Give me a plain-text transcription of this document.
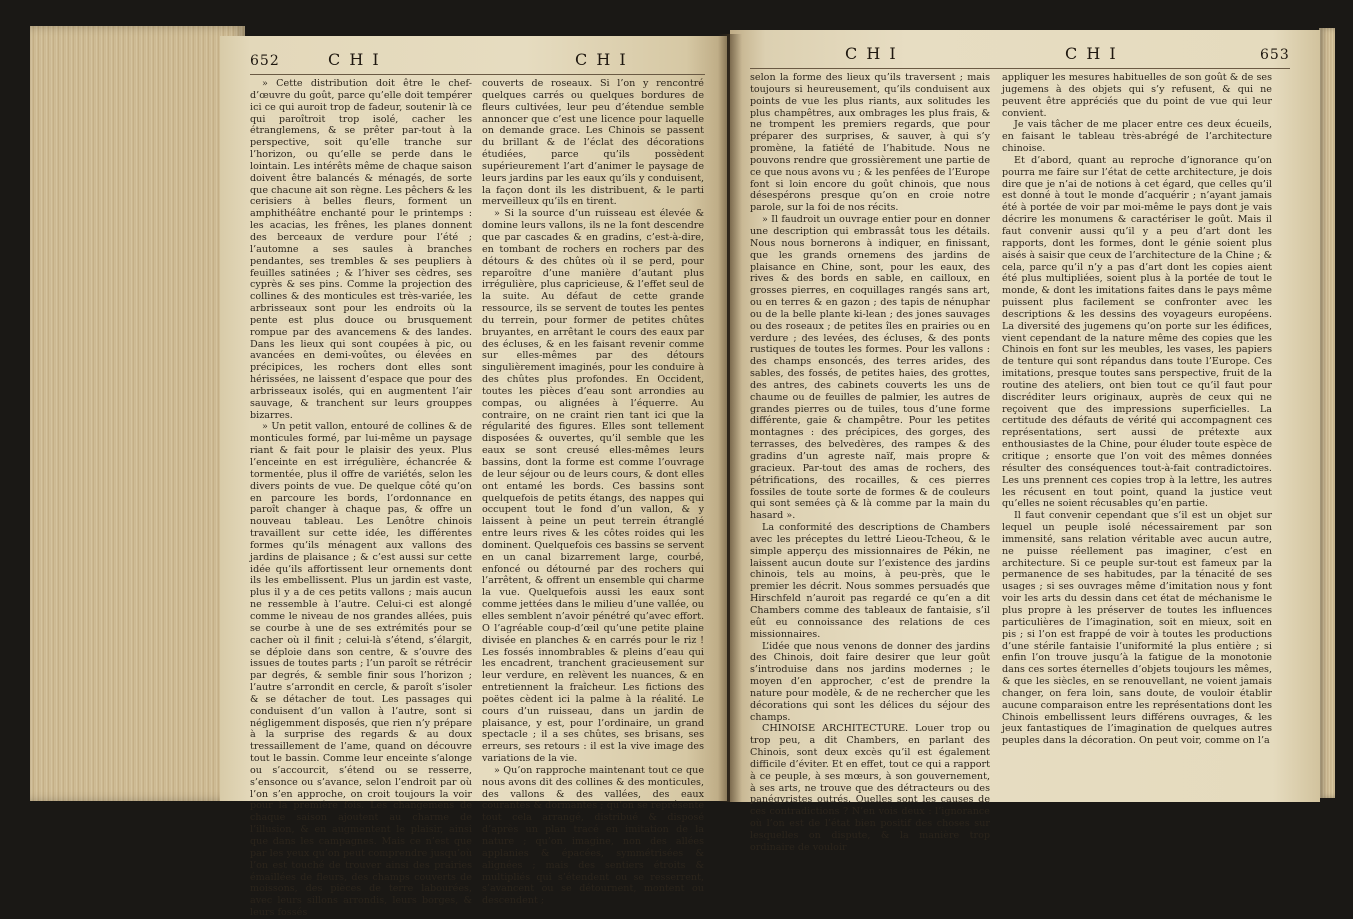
652	C H I	C H I

» Cette distribution doit être le chef-d’œuvre du goût, parce qu’elle doit tempérer ici ce qui auroit trop de fadeur, soutenir là ce qui paroîtroit trop isolé, cacher les étranglemens, & se prêter par-tout à la perspective, soit qu’elle tranche sur l’horizon, ou qu’elle se perde dans le lointain. Les intérêts même de chaque saison doivent être balancés & ménagés, de sorte que chacune ait son règne. Les pêchers & les cerisiers à belles fleurs, forment un amphithéâtre enchanté pour le printemps : les acacias, les frênes, les planes donnent des berceaux de verdure pour l’été ; l’automne a ses saules à branches pendantes, ses trembles & ses peupliers à feuilles satinées ; & l’hiver ses cèdres, ses cyprès & ses pins. Comme la projection des collines & des monticules est très-variée, les arbrisseaux sont pour les endroits où la pente est plus douce ou brusquement rompue par des avancemens & des landes. Dans les lieux qui sont coupées à pic, ou avancées en demi-voûtes, ou élevées en précipices, les rochers dont elles sont hérissées, ne laissent d’espace que pour des arbrisseaux isolés, qui en augmentent l’air sauvage, & tranchent sur leurs grouppes bizarres.

» Un petit vallon, entouré de collines & de monticules formé, par lui-même un paysage riant & fait pour le plaisir des yeux. Plus l’enceinte en est irrégulière, échancrée & tormentée, plus il offre de variétés, selon les divers points de vue. De quelque côté qu’on en parcoure les bords, l’ordonnance en paroît changer à chaque pas, & offre un nouveau tableau. Les Lenôtre chinois travaillent sur cette idée, les différentes formes qu’ils ménagent aux vallons des jardins de plaisance ; & c’est aussi sur cette idée qu’ils affortissent leur ornements dont ils les embellissent. Plus un jardin est vaste, plus il y a de ces petits vallons ; mais aucun ne ressemble à l’autre. Celui-ci est alongé comme le niveau de nos grandes allées, puis se courbe à une de ses extrémités pour se cacher où il finit ; celui-là s’étend, s’élargit, se déploie dans son centre, & s’ouvre des issues de toutes parts ; l’un paroît se rétrécir par degrés, & semble finir sous l’horizon ; l’autre s’arrondit en cercle, & paroît s’isoler & se détacher de tout. Les passages qui conduisent d’un vallon à l’autre, sont si négligemment disposés, que rien n’y prépare à la surprise des regards & au doux tressaillement de l’ame, quand on découvre tout le bassin. Comme leur enceinte s’alonge ou s’accourcit, s’étend ou se resserre, s’ensonce ou s’avance, selon l’endroit par où l’on s’en approche, on croit toujours la voir pour la première fois. Les changemens de chaque saison ajoutent au charme de l’illusion, & en augmentent le plaisir, ainsi que dans les campagnes. Mais ce n’est que par les yeux qu’on peut comprendre jusqu’où l’on est touché de trouver ainsi des prairies émaillées de fleurs, des champs couverts de moissons, des pièces de terre labourées, avec leurs sillons arrondis, leurs borges, & leurs fossés

couverts de roseaux. Si l’on y rencontré quelques carrés ou quelques bordures de fleurs cultivées, leur peu d’étendue semble annoncer que c’est une licence pour laquelle on demande grace. Les Chinois se passent du brillant & de l’éclat des décorations étudiées, parce qu’ils possèdent supérieurement l’art d’animer le paysage de leurs jardins par les eaux qu’ils y conduisent, la façon dont ils les distribuent, & le parti merveilleux qu’ils en tirent.

» Si la source d’un ruisseau est élevée & domine leurs vallons, ils ne la font descendre que par cascades & en gradins, c’est-à-dire, en tombant de rochers en rochers par des détours & des chûtes où il se perd, pour reparoître d’une manière d’autant plus irrégulière, plus capricieuse, & l’effet seul de la suite. Au défaut de cette grande ressource, ils se servent de toutes les pentes du terrein, pour former de petites chûtes bruyantes, en arrêtant le cours des eaux par des écluses, & en les faisant revenir comme sur elles-mêmes par des détours singulièrement imaginés, pour les conduire à des chûtes plus profondes. En Occident, toutes les pièces d’eau sont arrondies au compas, ou alignées à l’équerre. Au contraire, on ne craint rien tant ici que la régularité des figures. Elles sont tellement disposées & ouvertes, qu’il semble que les eaux se sont creusé elles-mêmes leurs bassins, dont la forme est comme l’ouvrage de leur séjour ou de leurs cours, & dont elles ont entamé les bords. Ces bassins sont quelquefois de petits étangs, des nappes qui occupent tout le fond d’un vallon, & y laissent à peine un peut terrein étranglé entre leurs rives & les côtes roides qui les dominent. Quelquefois ces bassins se servent en un canal bizarrement large, courbé, enfoncé ou détourné par des rochers qui l’arrêtent, & offrent un ensemble qui charme la vue. Quelquefois aussi les eaux sont comme jettées dans le milieu d’une vallée, ou elles semblent n’avoir pénétré qu’avec effort. O l’agréable coup-d’œil qu’une petite plaine divisée en planches & en carrés pour le riz ! Les fossés innombrables & pleins d’eau qui les encadrent, tranchent gracieusement sur leur verdure, en relèvent les nuances, & en entretiennent la fraîcheur. Les fictions des poëtes cèdent ici la palme à la réalité. Le cours d’un ruisseau, dans un jardin de plaisance, y est, pour l’ordinaire, un grand spectacle ; il a ses chûtes, ses brisans, ses erreurs, ses retours : il est la vive image des variations de la vie.

» Qu’on rapproche maintenant tout ce que nous avons dit des collines & des monticules, des vallons & des vallées, des eaux courantes & dormantes ; qu’on se représente tout cela arrangé, distribué & disposé d’après un plan tracé en imitation de la nature ; qu’on imagine, non des allées applanies & épacées, symmétrisées & alignées ; mais des sentiers étroits & multipliés qui s’étendent ou se resserrent, s’avancent ou se détournent, montent ou descendent ;

C H I	C H I	653

selon la forme des lieux qu’ils traversent ; mais toujours si heureusement, qu’ils conduisent aux points de vue les plus riants, aux solitudes les plus champêtres, aux ombrages les plus frais, & ne trompent les premiers regards, que pour préparer des surprises, & sauver, à qui s’y promène, la fatiété de l’habitude. Nous ne pouvons rendre que grossièrement une partie de ce que nous avons vu ; & les penfées de l’Europe font si loin encore du goût chinois, que nous désespérons presque qu’on en croie notre parole, sur la foi de nos récits.

» Il faudroit un ouvrage entier pour en donner une description qui embrassât tous les détails. Nous nous bornerons à indiquer, en finissant, que les grands ornemens des jardins de plaisance en Chine, sont, pour les eaux, des rives & des bords en sable, en cailloux, en grosses pierres, en coquillages rangés sans art, ou en terres & en gazon ; des tapis de nénuphar ou de la belle plante ki-lean ; des jones sauvages ou des roseaux ; de petites îles en prairies ou en verdure ; des levées, des écluses, & des ponts rustiques de toutes les formes. Pour les vallons : des champs ensoncés, des terres arides, des sables, des fossés, de petites haies, des grottes, des antres, des cabinets couverts les uns de chaume ou de feuilles de palmier, les autres de grandes pierres ou de tuiles, tous d’une forme différente, gaie & champêtre. Pour les petites montagnes : des précipices, des gorges, des terrasses, des belvedères, des rampes & des gradins d’un agreste naïf, mais propre & gracieux. Par-tout des amas de rochers, des pétrifications, des rocailles, & ces pierres fossiles de toute sorte de formes & de couleurs qui sont semées çà & là comme par la main du hasard ».

La conformité des descriptions de Chambers avec les préceptes du lettré Lieou-Tcheou, & le simple apperçu des missionnaires de Pékin, ne laissent aucun doute sur l’existence des jardins chinois, tels au moins, à peu-près, que le premier les décrit. Nous sommes persuadés que Hirschfeld n’auroit pas regardé ce qu’en a dit Chambers comme des tableaux de fantaisie, s’il eût eu connoissance des relations de ces missionnaires.

L’idée que nous venons de donner des jardins des Chinois, doit faire desirer que leur goût s’introduise dans nos jardins modernes ; le moyen d’en approcher, c’est de prendre la nature pour modèle, & de ne rechercher que les décorations qui sont les délices du séjour des champs.

CHINOISE ARCHITECTURE. Louer trop ou trop peu, a dit Chambers, en parlant des Chinois, sont deux excès qu’il est également difficile d’éviter. Et en effet, tout ce qui a rapport à ce peuple, à ses mœurs, à son gouvernement, à ses arts, ne trouve que des détracteurs ou des panégyristes outrés. Quelles sont les causes de ces contradictions ? N’en vois deux : l’ignorance où l’on est de l’état bien positif des choses sur lesquelles on dispute, & la manière trop ordinaire de vouloir

appliquer les mesures habituelles de son goût & de ses jugemens à des objets qui s’y refusent, & qui ne peuvent être appréciés que du point de vue qui leur convient.

Je vais tâcher de me placer entre ces deux écueils, en faisant le tableau très-abrégé de l’architecture chinoise.

Et d’abord, quant au reproche d’ignorance qu’on pourra me faire sur l’état de cette architecture, je dois dire que je n’ai de notions à cet égard, que celles qu’il est donné à tout le monde d’acquérir ; n’ayant jamais été à portée de voir par moi-même le pays dont je vais décrire les monumens & caractériser le goût. Mais il faut convenir aussi qu’il y a peu d’art dont les rapports, dont les formes, dont le génie soient plus aisés à saisir que ceux de l’architecture de la Chine ; & cela, parce qu’il n’y a pas d’art dont les copies aient été plus multipliées, soient plus à la portée de tout le monde, & dont les imitations faites dans le pays même puissent plus facilement se confronter avec les descriptions & les dessins des voyageurs européens. La diversité des jugemens qu’on porte sur les édifices, vient cependant de la nature même des copies que les Chinois en font sur les meubles, les vases, les papiers de tenture qui sont répandus dans toute l’Europe. Ces imitations, presque toutes sans perspective, fruit de la routine des ateliers, ont bien tout ce qu’il faut pour discréditer leurs originaux, auprès de ceux qui ne reçoivent que des impressions superficielles. La certitude des défauts de vérité qui accompagnent ces représentations, sert aussi de prétexte aux enthousiastes de la Chine, pour éluder toute espèce de critique ; ensorte que l’on voit des mêmes données résulter des conséquences tout-à-fait contradictoires. Les uns prennent ces copies trop à la lettre, les autres les récusent en tout point, quand la justice veut qu’elles ne soient récusables qu’en partie.

Il faut convenir cependant que s’il est un objet sur lequel un peuple isolé nécessairement par son immensité, sans relation véritable avec aucun autre, ne puisse réellement pas imaginer, c’est en architecture. Si ce peuple sur-tout est fameux par la permanence de ses habitudes, par la ténacité de ses usages ; si ses ouvrages même d’imitation nous y font voir les arts du dessin dans cet état de méchanisme le plus propre à les préserver de toutes les influences particulières de l’imagination, soit en mieux, soit en pis ; si l’on est frappé de voir à toutes les productions d’une stérile fantaisie l’uniformité la plus entière ; si enfin l’on trouve jusqu’à la fatigue de la monotonie dans ces sortes éternelles d’objets toujours les mêmes, & que les siècles, en se renouvellant, ne voient jamais changer, on fera loin, sans doute, de vouloir établir aucune comparaison entre les représentations dont les Chinois embellissent leurs différens ouvrages, & les jeux fantastiques de l’imagination de quelques autres peuples dans la décoration. On peut voir, comme on l’a
